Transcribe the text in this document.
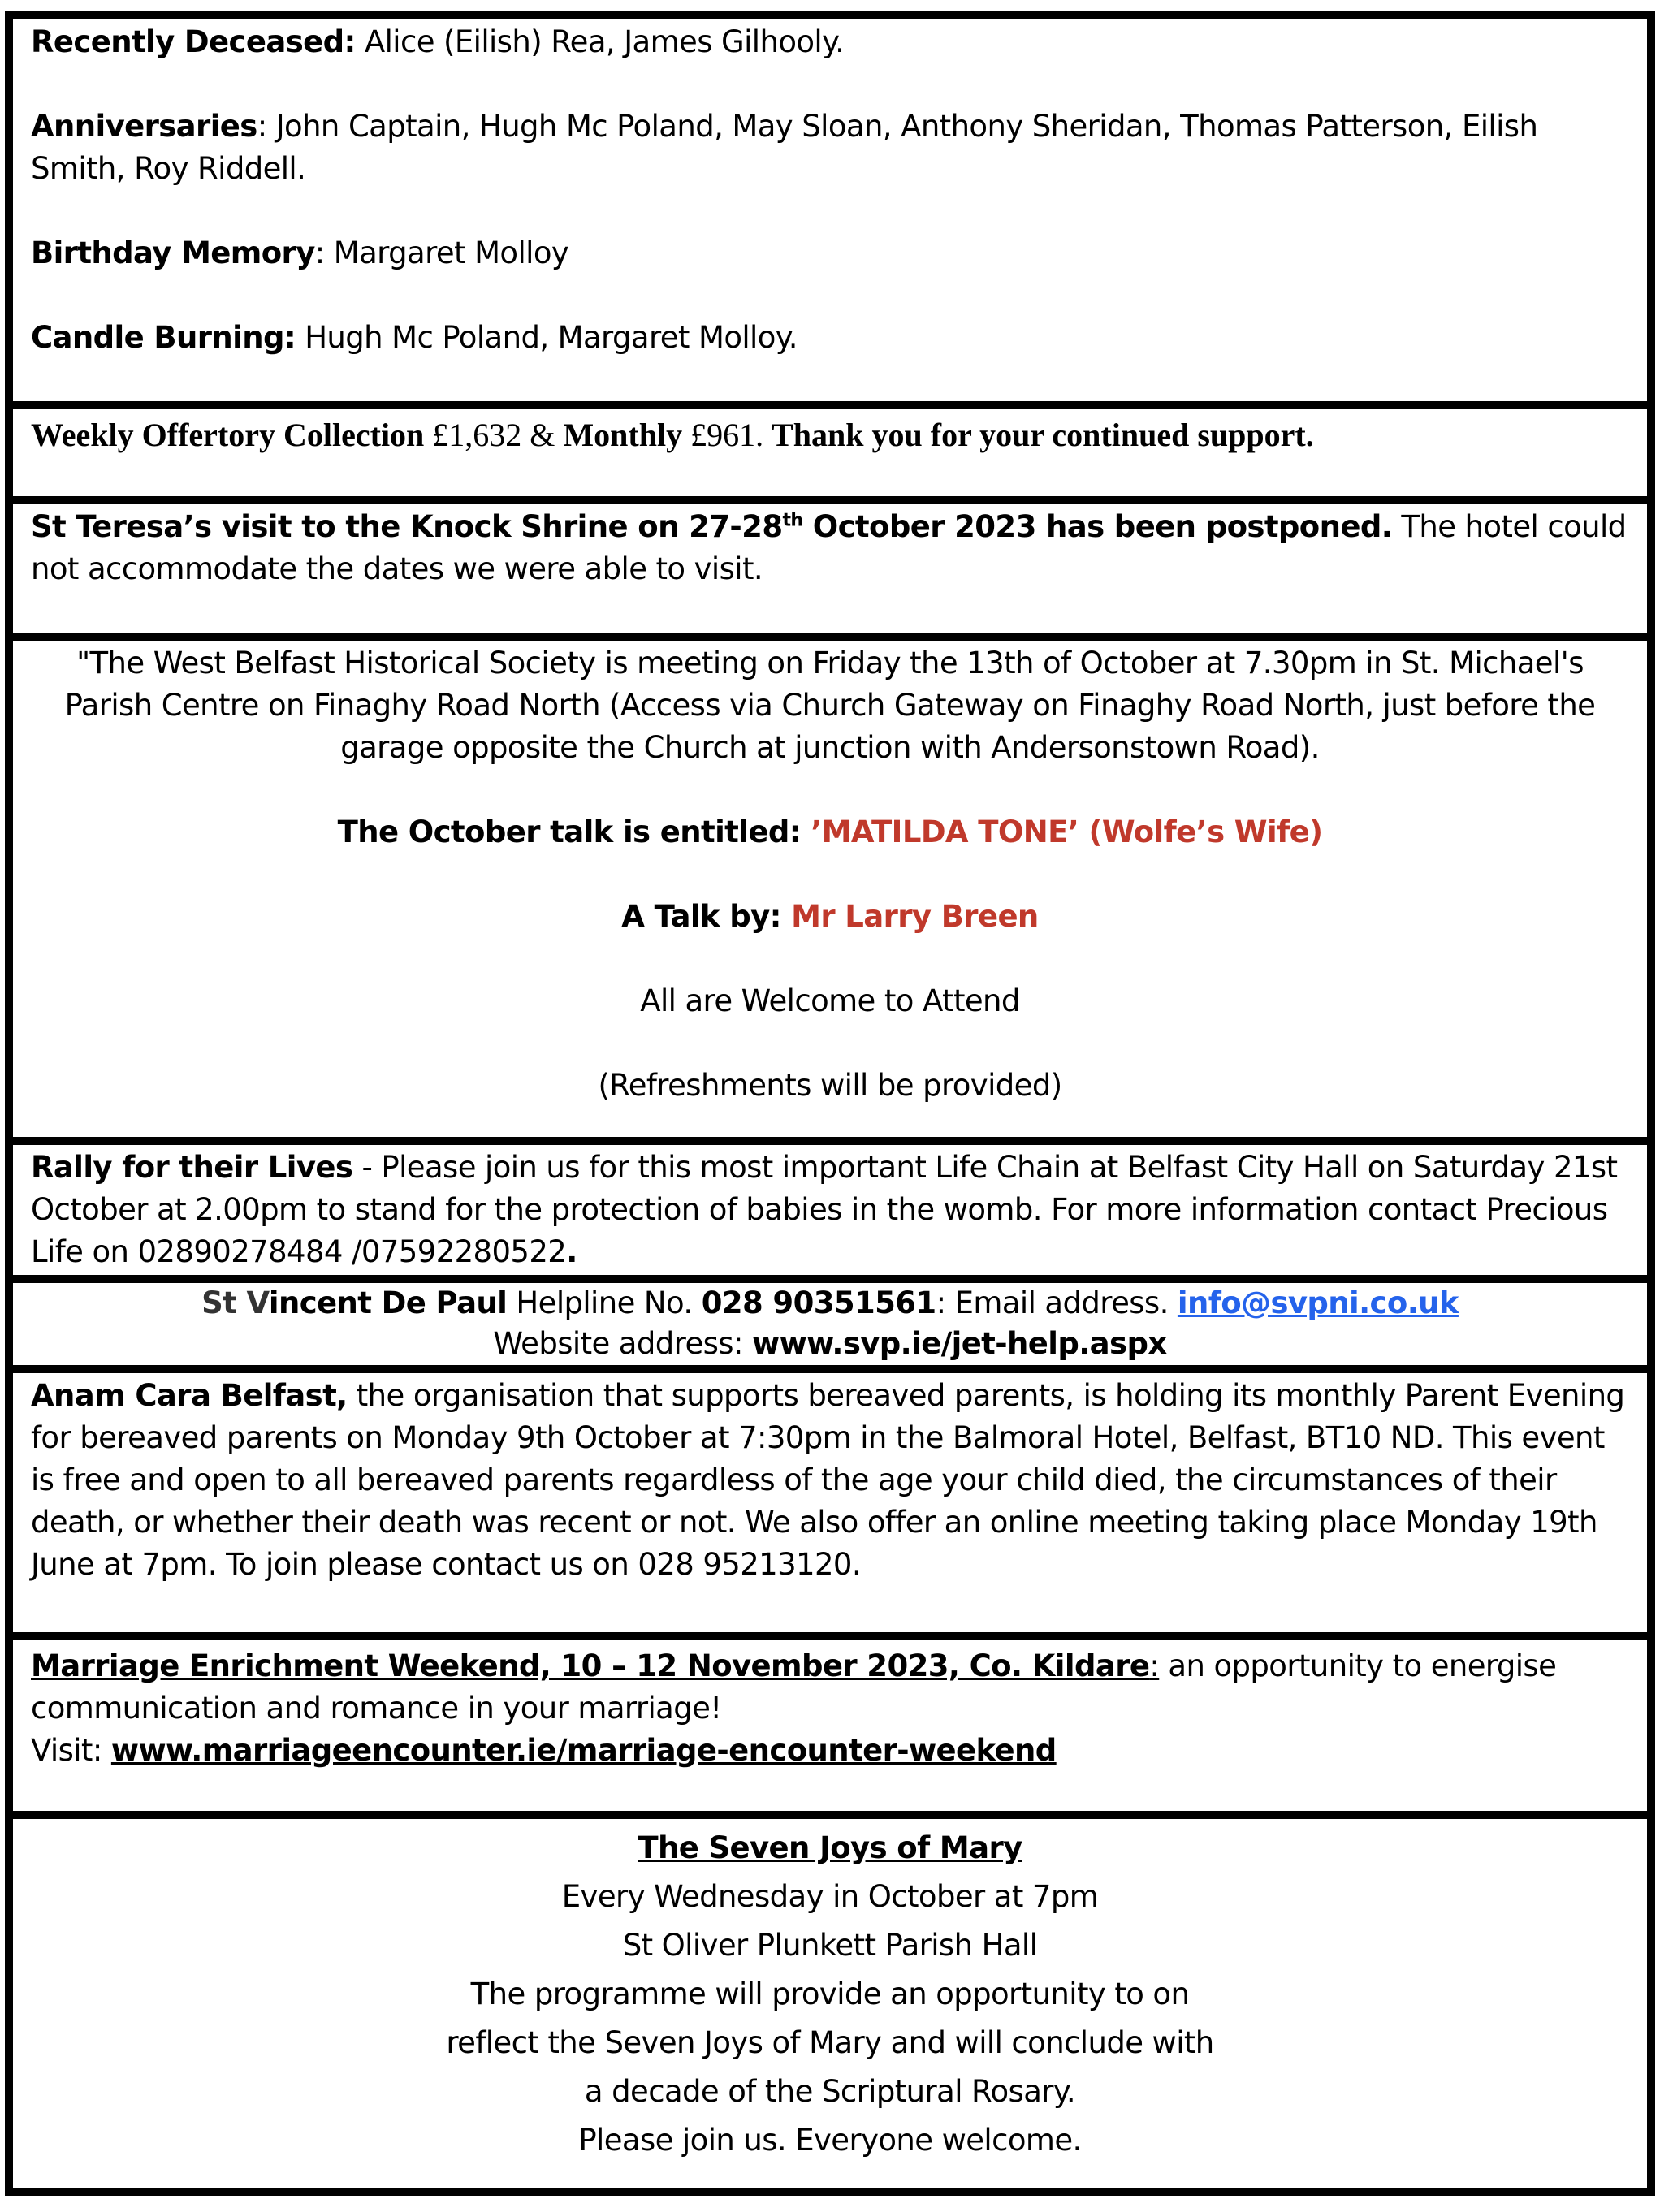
Recently Deceased: Alice (Eilish) Rea, James Gilhooly.

Anniversaries: John Captain, Hugh Mc Poland, May Sloan, Anthony Sheridan, Thomas Patterson, Eilish Smith, Roy Riddell.

Birthday Memory: Margaret Molloy

Candle Burning: Hugh Mc Poland, Margaret Molloy.

Weekly Offertory Collection £1,632 & Monthly £961. Thank you for your continued support.

St Teresa’s visit to the Knock Shrine on 27-28th October 2023 has been postponed. The hotel could not accommodate the dates we were able to visit.

"The West Belfast Historical Society is meeting on Friday the 13th of October at 7.30pm in St. Michael's Parish Centre on Finaghy Road North (Access via Church Gateway on Finaghy Road North, just before the garage opposite the Church at junction with Andersonstown Road).

The October talk is entitled: ’MATILDA TONE’ (Wolfe’s Wife)

A Talk by: Mr Larry Breen

All are Welcome to Attend

(Refreshments will be provided)

Rally for their Lives - Please join us for this most important Life Chain at Belfast City Hall on Saturday 21st October at 2.00pm to stand for the protection of babies in the womb. For more information contact Precious Life on 02890278484 /07592280522.

St Vincent De Paul Helpline No. 028 90351561: Email address. info@svpni.co.uk

Website address: www.svp.ie/jet-help.aspx

Anam Cara Belfast, the organisation that supports bereaved parents, is holding its monthly Parent Evening for bereaved parents on Monday 9th October at 7:30pm in the Balmoral Hotel, Belfast, BT10 ND. This event is free and open to all bereaved parents regardless of the age your child died, the circumstances of their death, or whether their death was recent or not. We also offer an online meeting taking place Monday 19th June at 7pm. To join please contact us on 028 95213120.

Marriage Enrichment Weekend, 10 – 12 November 2023, Co. Kildare: an opportunity to energise communication and romance in your marriage!

Visit: www.marriageencounter.ie/marriage-encounter-weekend

The Seven Joys of Mary

Every Wednesday in October at 7pm

St Oliver Plunkett Parish Hall

The programme will provide an opportunity to on

reflect the Seven Joys of Mary and will conclude with

a decade of the Scriptural Rosary.

Please join us. Everyone welcome.
